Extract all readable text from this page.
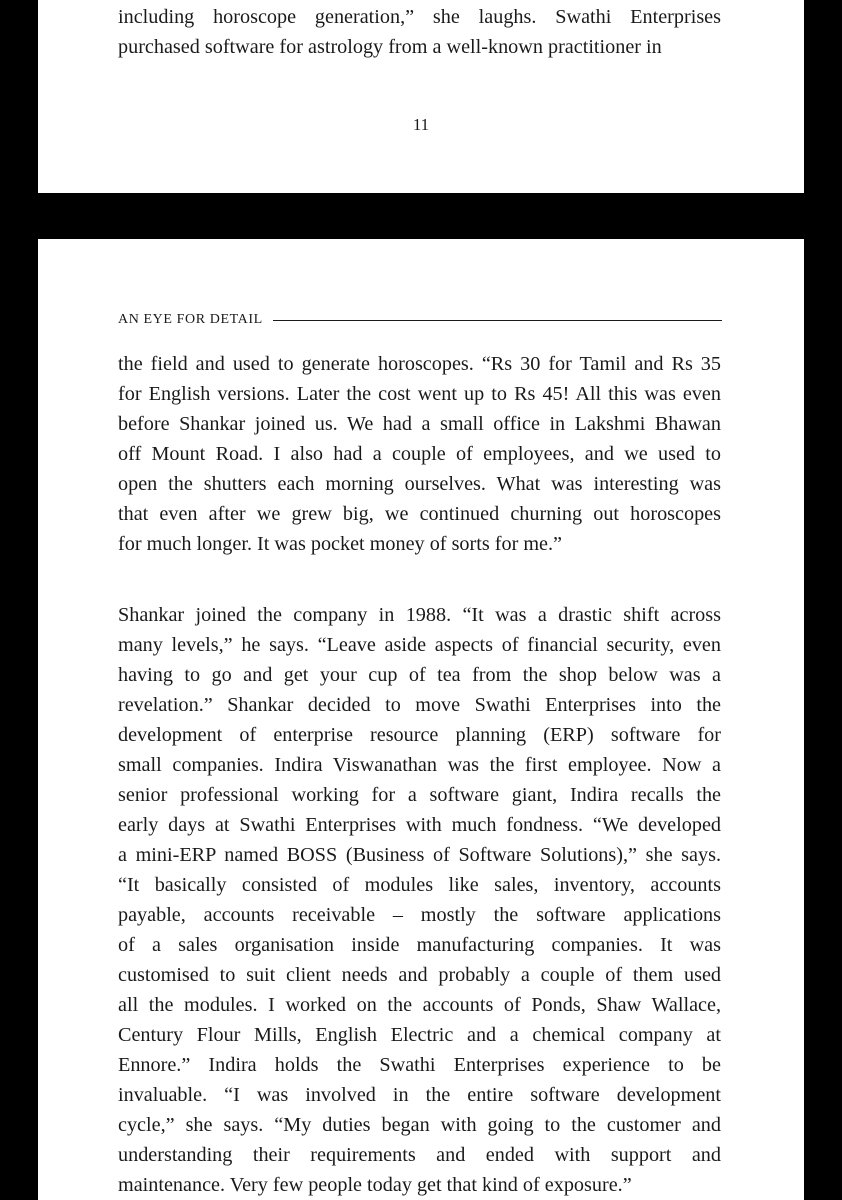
including horoscope generation,” she laughs. Swathi Enterprises
purchased software for astrology from a well-known practitioner in
11
AN EYE FOR DETAIL
the field and used to generate horoscopes. “Rs 30 for Tamil and Rs 35
for English versions. Later the cost went up to Rs 45! All this was even
before Shankar joined us. We had a small office in Lakshmi Bhawan
off Mount Road. I also had a couple of employees, and we used to
open the shutters each morning ourselves. What was interesting was
that even after we grew big, we continued churning out horoscopes
for much longer. It was pocket money of sorts for me.”
Shankar joined the company in 1988. “It was a drastic shift across
many levels,” he says. “Leave aside aspects of financial security, even
having to go and get your cup of tea from the shop below was a
revelation.” Shankar decided to move Swathi Enterprises into the
development of enterprise resource planning (ERP) software for
small companies. Indira Viswanathan was the first employee. Now a
senior professional working for a software giant, Indira recalls the
early days at Swathi Enterprises with much fondness. “We developed
a mini-ERP named BOSS (Business of Software Solutions),” she says.
“It basically consisted of modules like sales, inventory, accounts
payable, accounts receivable – mostly the software applications
of a sales organisation inside manufacturing companies. It was
customised to suit client needs and probably a couple of them used
all the modules. I worked on the accounts of Ponds, Shaw Wallace,
Century Flour Mills, English Electric and a chemical company at
Ennore.” Indira holds the Swathi Enterprises experience to be
invaluable. “I was involved in the entire software development
cycle,” she says. “My duties began with going to the customer and
understanding their requirements and ended with support and
maintenance. Very few people today get that kind of exposure.”
